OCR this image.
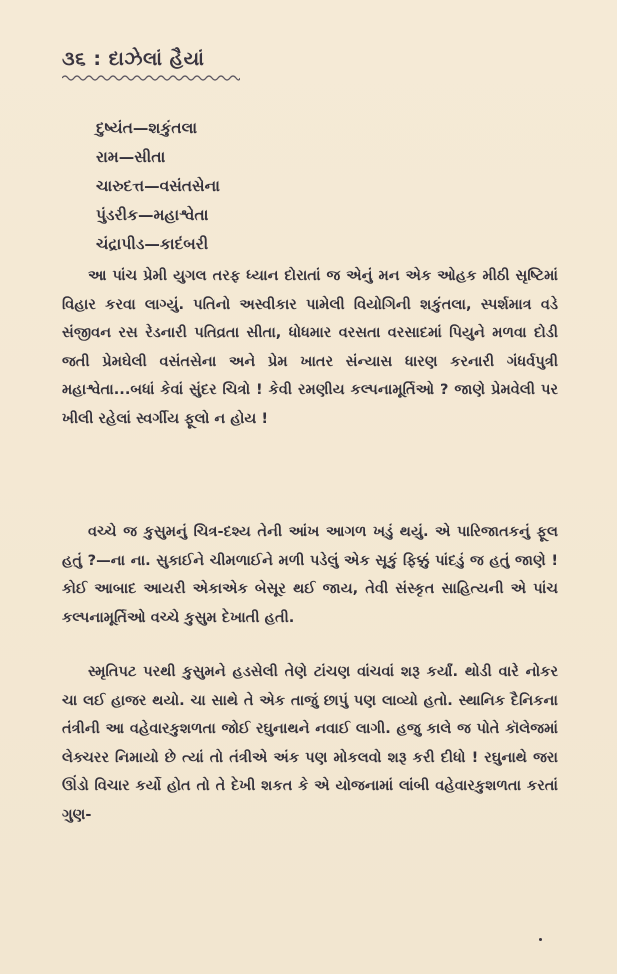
૩૬ : દાઝેલાં હૈયાં
દુષ્યંત—શકુંતલા
રામ—સીતા
ચારુદત્ત—વસંતસેના
પુંડરીક—મહાશ્વેતા
ચંદ્રાપીડ—કાદંબરી

આ પાંચ પ્રેમી યુગલ તરફ ધ્યાન દોરાતાં જ એનું મન એક ઓહક મીઠી સૃષ્ટિમાં વિહાર કરવા લાગ્યું. પતિનો અસ્વીકાર પામેલી વિયોગિની શકુંતલા, સ્પર્શમાત્ર વડે સંજીવન રસ રેડનારી પતિવ્રતા સીતા, ધોધમાર વરસતા વરસાદમાં પિયુને મળવા દોડી જતી પ્રેમઘેલી વસંતસેના અને પ્રેમ ખાતર સંન્યાસ ધારણ કરનારી ગંધર્વપુત્રી મહાશ્વેતા...બધાં કેવાં સુંદર ચિત્રો ! કેવી રમણીય કલ્પનામૂર્તિઓ ? જાણે પ્રેમવેલી પર ખીલી રહેલાં સ્વર્ગીય ફૂલો ન હોય !

વચ્ચે જ કુસુમનું ચિત્ર-દશ્ય તેની આંખ આગળ ખડું થયું. એ પારિજાતકનું ફૂલ હતું ?—ના ના. સુકાઈને ચીમળાઈને મળી પડેલું એક સૂકું ફિક્કું પાંદડું જ હતું જાણે ! કોઈ આબાદ આયરી એકાએક બેસૂર થઈ જાય, તેવી સંસ્કૃત સાહિત્યની એ પાંચ કલ્પનામૂર્તિઓ વચ્ચે કુસુમ દેખાતી હતી.

સ્મૃતિપટ પરથી કુસુમને હડસેલી તેણે ટાંચણ વાંચવાં શરૂ કર્યાં. થોડી વારે નોકર ચા લઈ હાજર થયો. ચા સાથે તે એક તાજું છાપું પણ લાવ્યો હતો. સ્થાનિક દૈનિકના તંત્રીની આ વહેવારકુશળતા જોઈ રઘુનાથને નવાઈ લાગી. હજુ કાલે જ પોતે કૉલેજમાં લેક્ચરર નિમાયો છે ત્યાં તો તંત્રીએ અંક પણ મોકલવો શરૂ કરી દીધો ! રઘુનાથે જરા ઊંડો વિચાર કર્યો હોત તો તે દેખી શકત કે એ યોજનામાં લાંબી વહેવારકુશળતા કરતાં ગુણ-
